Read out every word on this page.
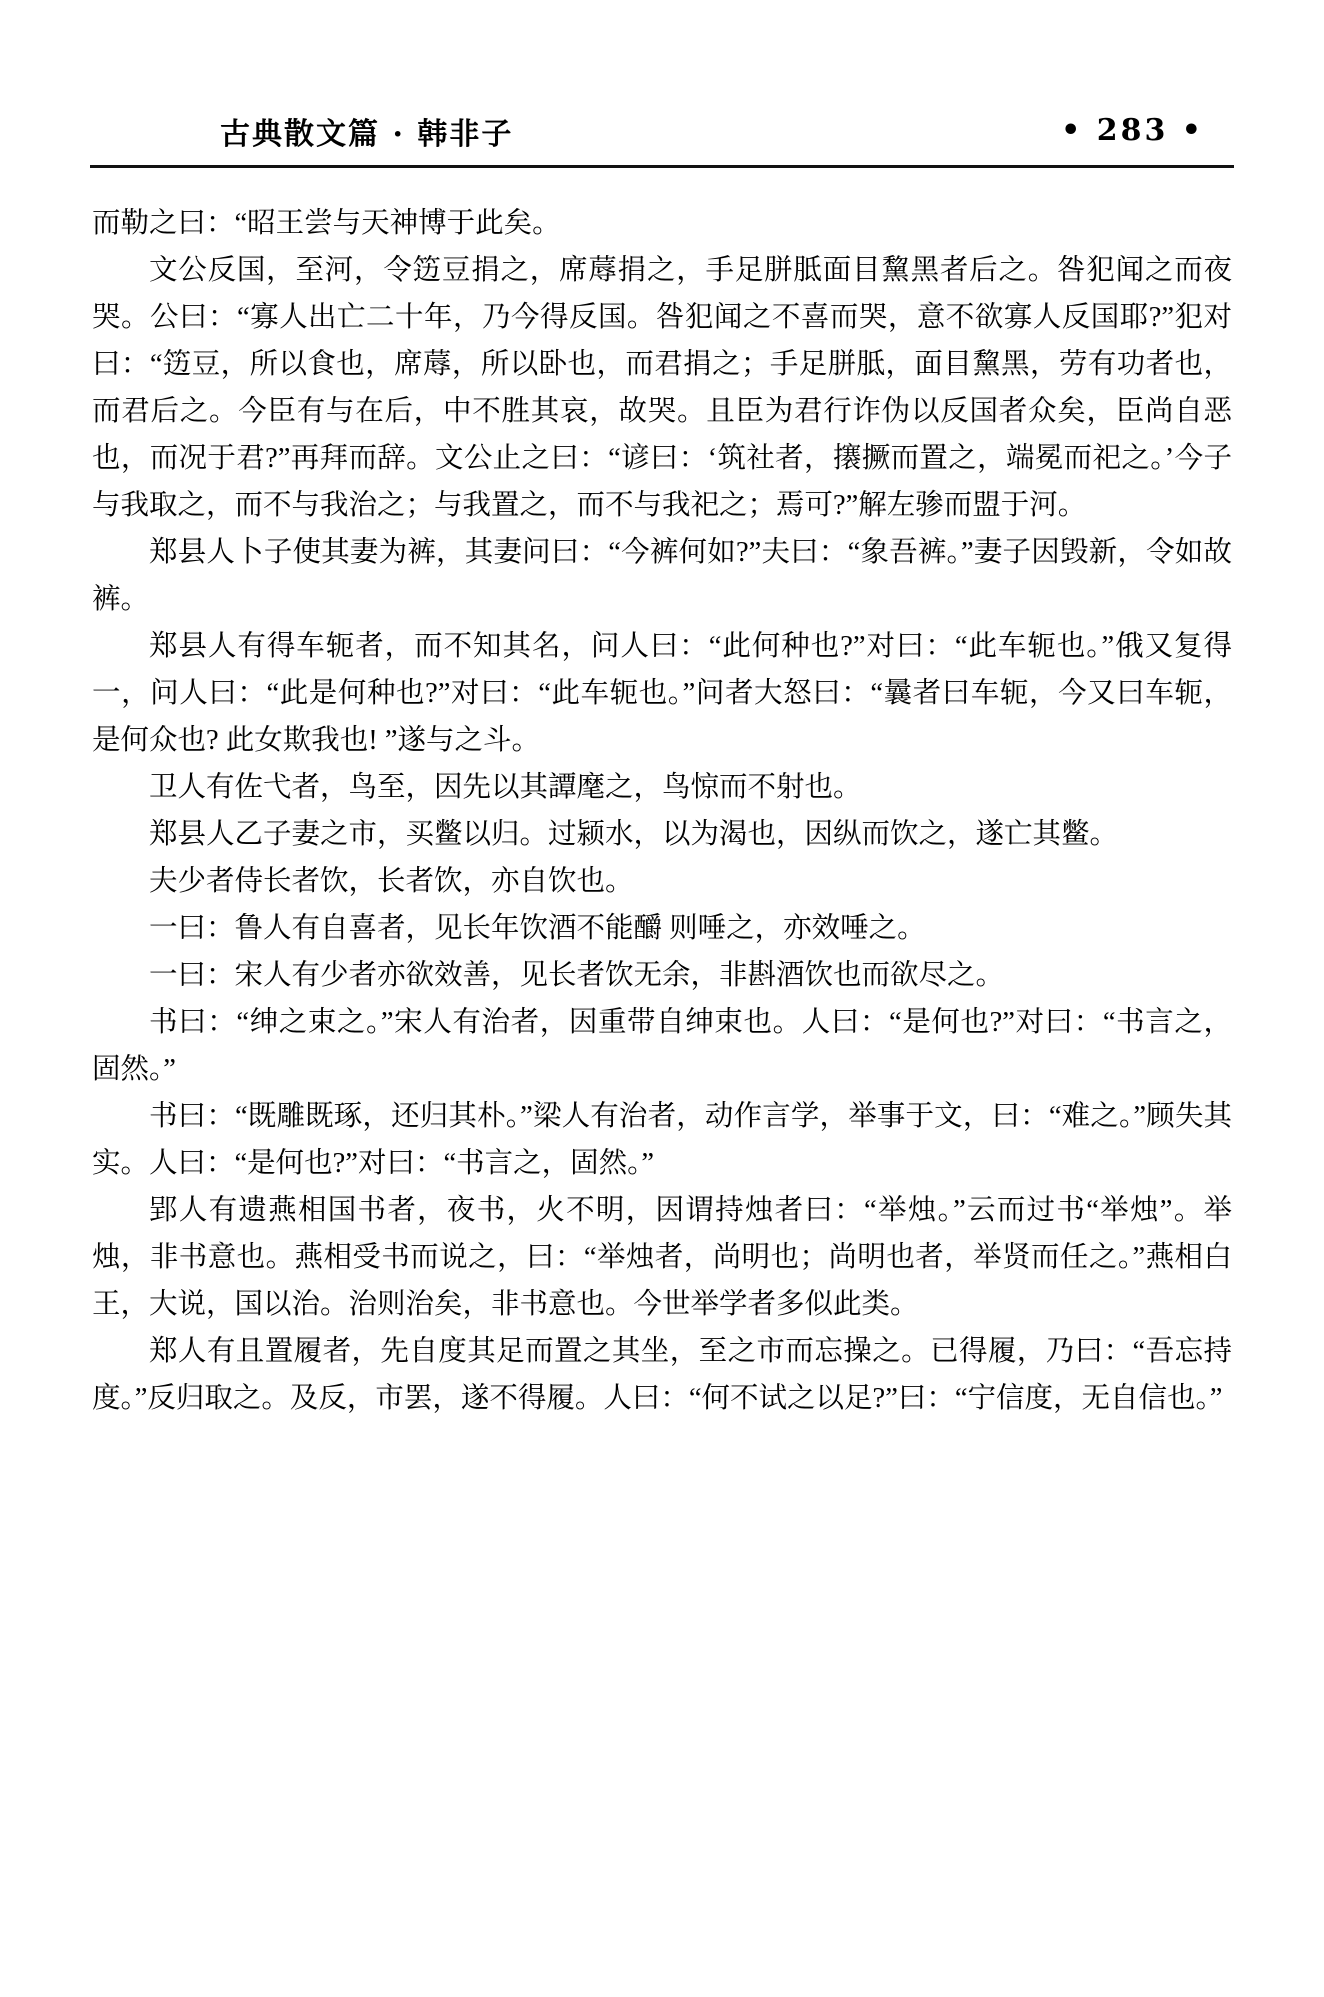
古典散文篇 · 韩非子	• 283 •

而勒之曰：“昭王尝与天神博于此矣。

文公反国，至河，令笾豆捐之，席蓐捐之，手足胼胝面目黧黑者后之。咎犯闻之而夜哭。公曰：“寡人出亡二十年，乃今得反国。咎犯闻之不喜而哭，意不欲寡人反国耶?”犯对曰：“笾豆，所以食也，席蓐，所以卧也，而君捐之；手足胼胝，面目黧黑，劳有功者也，而君后之。今臣有与在后，中不胜其哀，故哭。且臣为君行诈伪以反国者众矣，臣尚自恶也，而况于君?”再拜而辞。文公止之曰：“谚曰：‘筑社者，攐撅而置之，端冕而祀之。’今子与我取之，而不与我治之；与我置之，而不与我祀之；焉可?”解左骖而盟于河。

郑县人卜子使其妻为裤，其妻问曰：“今裤何如?”夫曰：“象吾裤。”妻子因毁新，令如故裤。

郑县人有得车轭者，而不知其名，问人曰：“此何种也?”对曰：“此车轭也。”俄又复得一，问人曰：“此是何种也?”对曰：“此车轭也。”问者大怒曰：“曩者曰车轭，今又曰车轭，是何众也? 此女欺我也! ”遂与之斗。

卫人有佐弋者，鸟至，因先以其譚麾之，鸟惊而不射也。

郑县人乙子妻之市，买鳖以归。过颍水，以为渴也，因纵而饮之，遂亡其鳖。

夫少者侍长者饮，长者饮，亦自饮也。

一曰：鲁人有自喜者，见长年饮酒不能釂 则唾之，亦效唾之。

一曰：宋人有少者亦欲效善，见长者饮无余，非斟酒饮也而欲尽之。

书曰：“绅之束之。”宋人有治者，因重带自绅束也。人曰：“是何也?”对曰：“书言之，固然。”

书曰：“既雕既琢，还归其朴。”梁人有治者，动作言学，举事于文，曰：“难之。”顾失其实。人曰：“是何也?”对曰：“书言之，固然。”

郢人有遗燕相国书者，夜书，火不明，因谓持烛者曰：“举烛。”云而过书“举烛”。举烛，非书意也。燕相受书而说之，曰：“举烛者，尚明也；尚明也者，举贤而任之。”燕相白王，大说，国以治。治则治矣，非书意也。今世举学者多似此类。

郑人有且置履者，先自度其足而置之其坐，至之市而忘操之。已得履，乃曰：“吾忘持度。”反归取之。及反，市罢，遂不得履。人曰：“何不试之以足?”曰：“宁信度，无自信也。”
